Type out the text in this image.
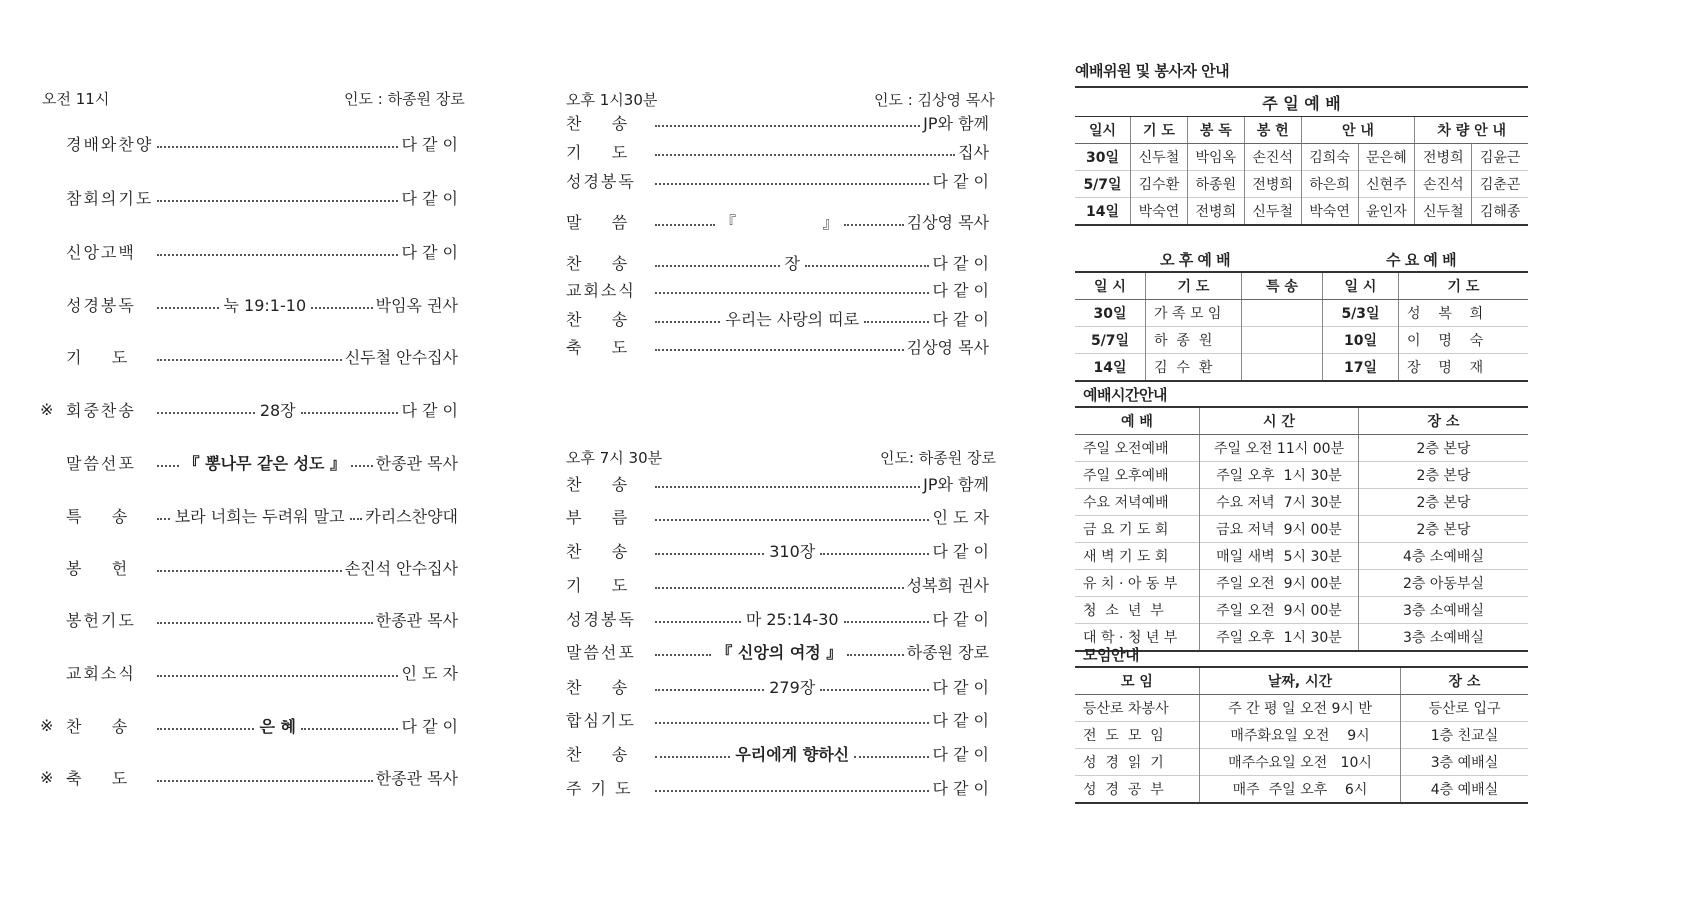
오전 11시	인도 : 하종원 장로
경배와찬양	다 같 이
참회의기도	다 같 이
신앙고백	다 같 이
성경봉독	눅 19:1-10	박임옥 권사
기    도	신두철 안수집사
※ 회중찬송	28장	다 같 이
말씀선포	『 뽕나무 같은 성도 』 한종관 목사
특    송	보라 너희는 두려워 말고 카리스찬양대
봉    헌	손진석 안수집사
봉헌기도	한종관 목사
교회소식	인 도 자
※ 찬    송	은 혜	다 같 이
※ 축    도	한종관 목사
오후 1시30분	인도 : 김상영 목사
찬    송	JP와 함께
기    도	집사
성경봉독	다 같 이
말    씀	『                 』	김상영 목사
찬    송	장	다 같 이
교회소식	다 같 이
찬    송	우리는 사랑의 띠로	다 같 이
축    도	김상영 목사
오후 7시 30분	인도: 하종원 장로
찬    송	JP와 함께
부    름	인 도 자
찬    송	310장	다 같 이
기    도	성복희 권사
성경봉독	마 25:14-30	다 같 이
말씀선포	『 신앙의 여정 』	하종원 장로
찬    송	279장	다 같 이
합심기도	다 같 이
찬    송	우리에게 향하신	다 같 이
주 기 도	다 같 이
예배위원 및 봉사자 안내
주 일 예 배							
일시	기 도	봉 독	봉 헌	안 내		차 량 안 내	
30일	신두철	박임옥	손진석	김희숙	문은혜	전병희	김윤근
5/7일	김수환	하종원	전병희	하은희	신현주	손진석	김춘곤
14일	박숙연	전병희	신두철	박숙연	윤인자	신두철	김해종
오 후 예 배	수 요 예 배
일 시	기 도	특 송	일 시	기 도
30일	가 족 모 임		5/3일	성    복    희
5/7일	하  종  원		10일	이    명    숙
14일	김  수  환		17일	장    명    재
예배시간안내
예 배	시 간	장 소
주일 오전예배	주일 오전 11시 00분	2층 본당
주일 오후예배	주일 오후  1시 30분	2층 본당
수요 저녁예배	수요 저녁  7시 30분	2층 본당
금 요 기 도 회	금요 저녁  9시 00분	2층 본당
새 벽 기 도 회	매일 새벽  5시 30분	4층 소예배실
유 치 · 아 동 부	주일 오전  9시 00분	2층 아동부실
청  소  년  부	주일 오전  9시 00분	3층 소예배실
대 학 · 청 년 부	주일 오후  1시 30분	3층 소예배실
모임안내
모 임	날짜, 시간	장 소
등산로 차봉사	주 간 평 일 오전 9시 반	등산로 입구
전  도  모  임	매주화요일 오전    9시	1층 친교실
성  경  읽  기	매주수요일 오전   10시	3층 예배실
성  경  공  부	매주  주일 오후    6시	4층 예배실
